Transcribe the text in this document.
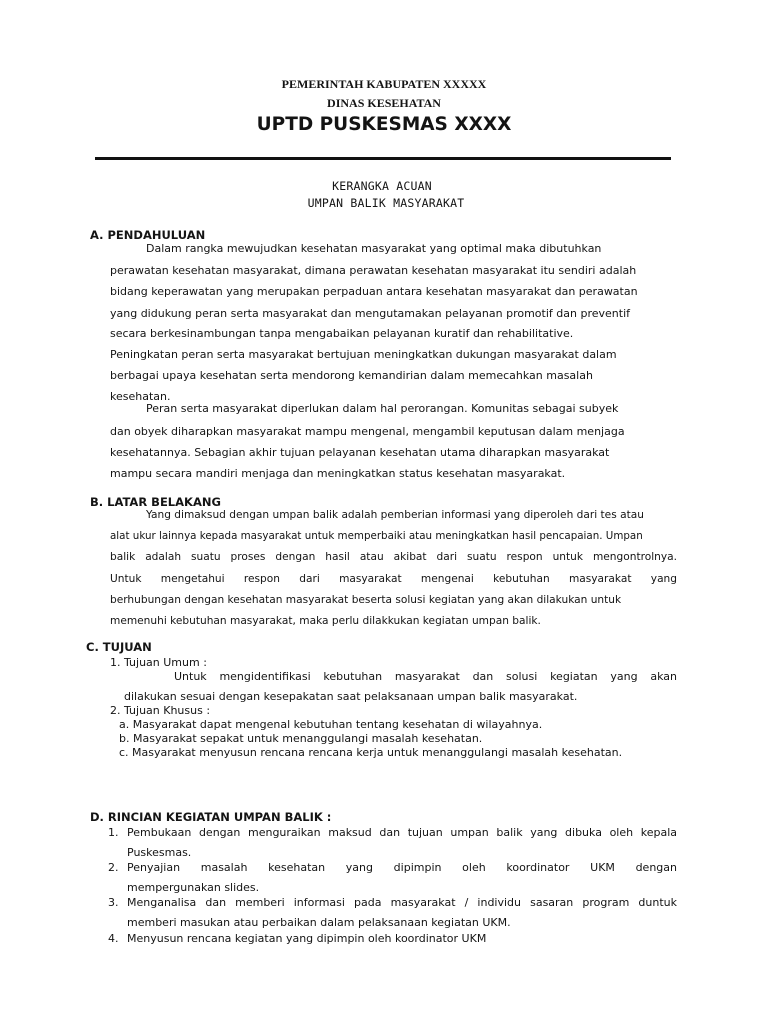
PEMERINTAH KABUPATEN XXXXX
DINAS KESEHATAN
UPTD PUSKESMAS XXXX
KERANGKA ACUAN
UMPAN BALIK MASYARAKAT
A. PENDAHULUAN
Dalam rangka mewujudkan kesehatan masyarakat yang optimal maka dibutuhkan
perawatan kesehatan masyarakat, dimana perawatan kesehatan masyarakat itu sendiri adalah
bidang keperawatan yang merupakan perpaduan antara kesehatan masyarakat dan perawatan
yang didukung peran serta masyarakat dan mengutamakan pelayanan promotif dan preventif
secara berkesinambungan tanpa mengabaikan pelayanan kuratif dan rehabilitative.
Peningkatan peran serta masyarakat bertujuan meningkatkan dukungan masyarakat dalam
berbagai upaya kesehatan serta mendorong kemandirian dalam memecahkan masalah
kesehatan.
Peran serta masyarakat diperlukan dalam hal perorangan. Komunitas sebagai subyek
dan obyek diharapkan masyarakat mampu mengenal, mengambil keputusan dalam menjaga
kesehatannya. Sebagian akhir tujuan pelayanan kesehatan utama diharapkan masyarakat
mampu secara mandiri menjaga dan meningkatkan status kesehatan masyarakat.
B. LATAR BELAKANG
Yang dimaksud dengan umpan balik adalah pemberian informasi yang diperoleh dari tes atau
alat ukur lainnya kepada masyarakat untuk memperbaiki atau meningkatkan hasil pencapaian. Umpan
balik adalah suatu proses dengan hasil atau akibat dari suatu respon untuk mengontrolnya.
Untuk mengetahui respon dari masyarakat mengenai kebutuhan masyarakat yang
berhubungan dengan kesehatan masyarakat beserta solusi kegiatan yang akan dilakukan untuk
memenuhi kebutuhan masyarakat, maka perlu dilakkukan kegiatan umpan balik.
C. TUJUAN
1. Tujuan Umum :
Untuk mengidentifikasi kebutuhan masyarakat dan solusi kegiatan yang akan
dilakukan sesuai dengan kesepakatan saat pelaksanaan umpan balik masyarakat.
2. Tujuan Khusus :
a. Masyarakat dapat mengenal kebutuhan tentang kesehatan di wilayahnya.
b. Masyarakat sepakat untuk menanggulangi masalah kesehatan.
c. Masyarakat menyusun rencana rencana kerja untuk menanggulangi masalah kesehatan.
D. RINCIAN KEGIATAN UMPAN BALIK :
1. Pembukaan dengan menguraikan maksud dan tujuan umpan balik yang dibuka oleh kepala
Puskesmas.
2. Penyajian masalah kesehatan yang dipimpin oleh koordinator UKM dengan
mempergunakan slides.
3. Menganalisa dan memberi informasi pada masyarakat / individu sasaran program duntuk
memberi masukan atau perbaikan dalam pelaksanaan kegiatan UKM.
4. Menyusun rencana kegiatan yang dipimpin oleh koordinator UKM
